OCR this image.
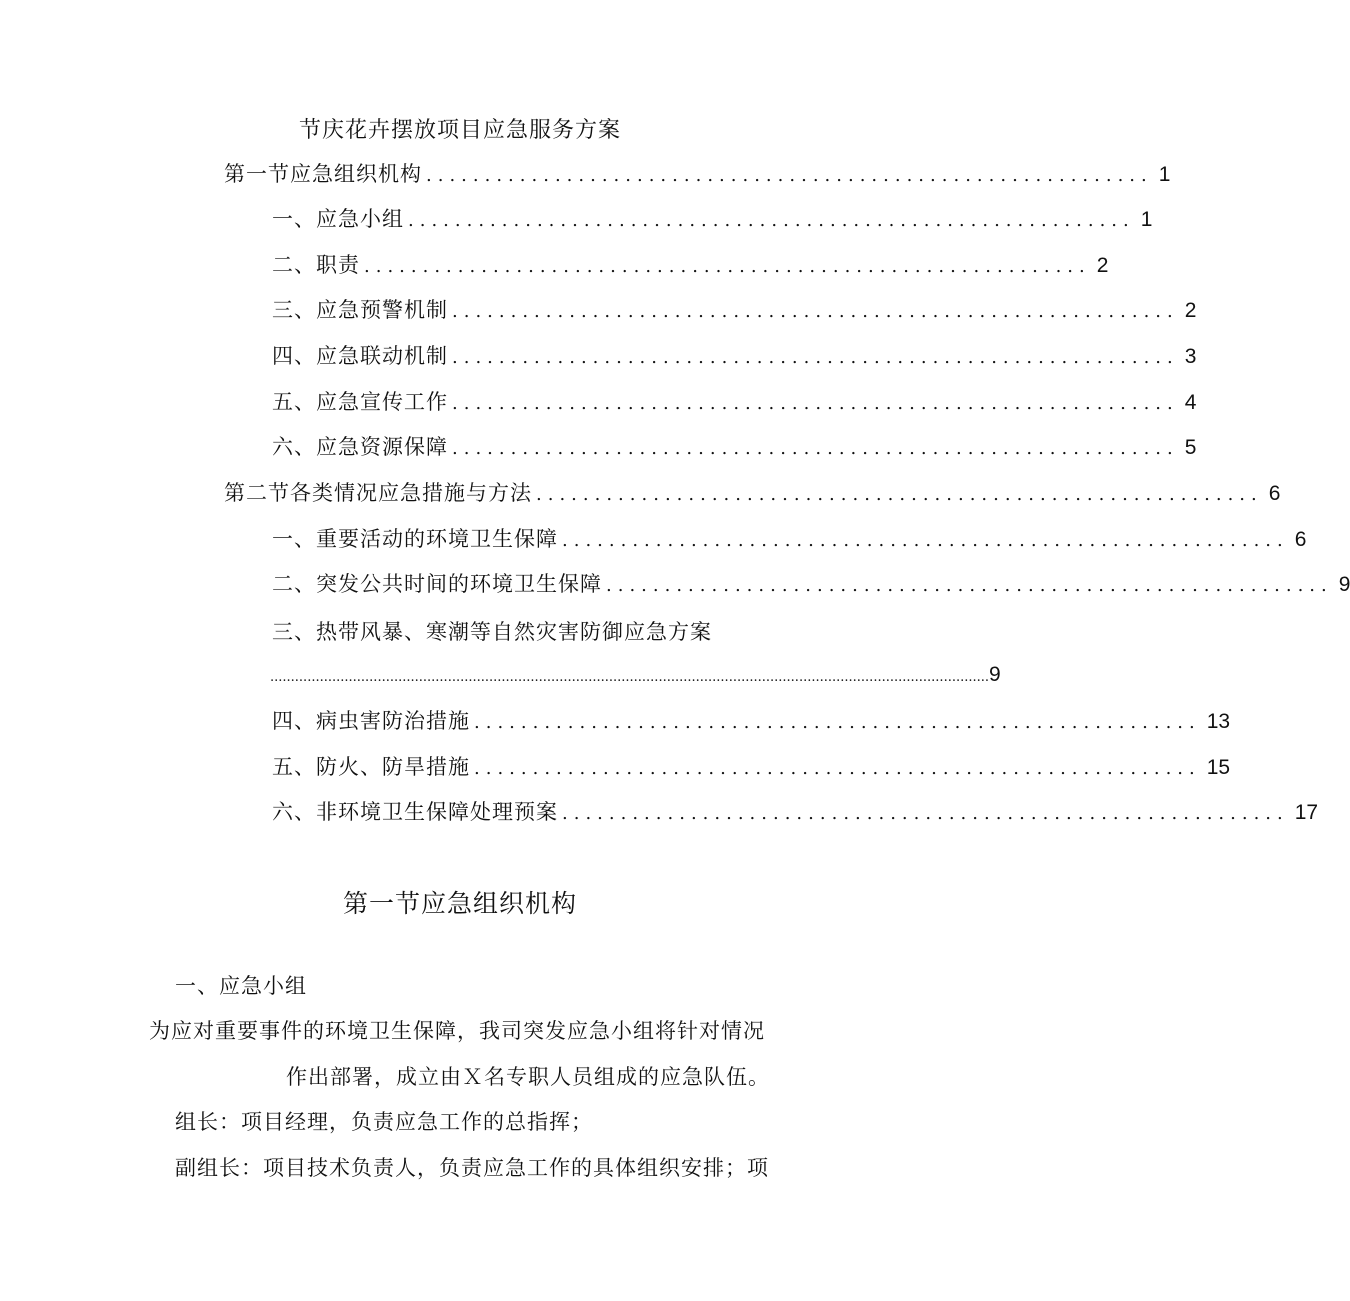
节庆花卉摆放项目应急服务方案
第一节应急组织机构 .............................................................. 1
一、应急小组 .............................................................. 1
二、职责 .............................................................. 2
三、应急预警机制 .............................................................. 2
四、应急联动机制 .............................................................. 3
五、应急宣传工作 .............................................................. 4
六、应急资源保障 .............................................................. 5
第二节各类情况应急措施与方法 .............................................................. 6
一、重要活动的环境卫生保障 .............................................................. 6
二、突发公共时间的环境卫生保障 .............................................................. 9
三、热带风暴、寒潮等自然灾害防御应急方案
.............................................................................................................................................................................. 9
四、病虫害防治措施 .............................................................. 13
五、防火、防旱措施 .............................................................. 15
六、非环境卫生保障处理预案 .............................................................. 17
第一节应急组织机构

一、应急小组

为应对重要事件的环境卫生保障，我司突发应急小组将针对情况

作出部署，成立由Ｘ名专职人员组成的应急队伍。

组长：项目经理，负责应急工作的总指挥；

副组长：项目技术负责人，负责应急工作的具体组织安排；项
